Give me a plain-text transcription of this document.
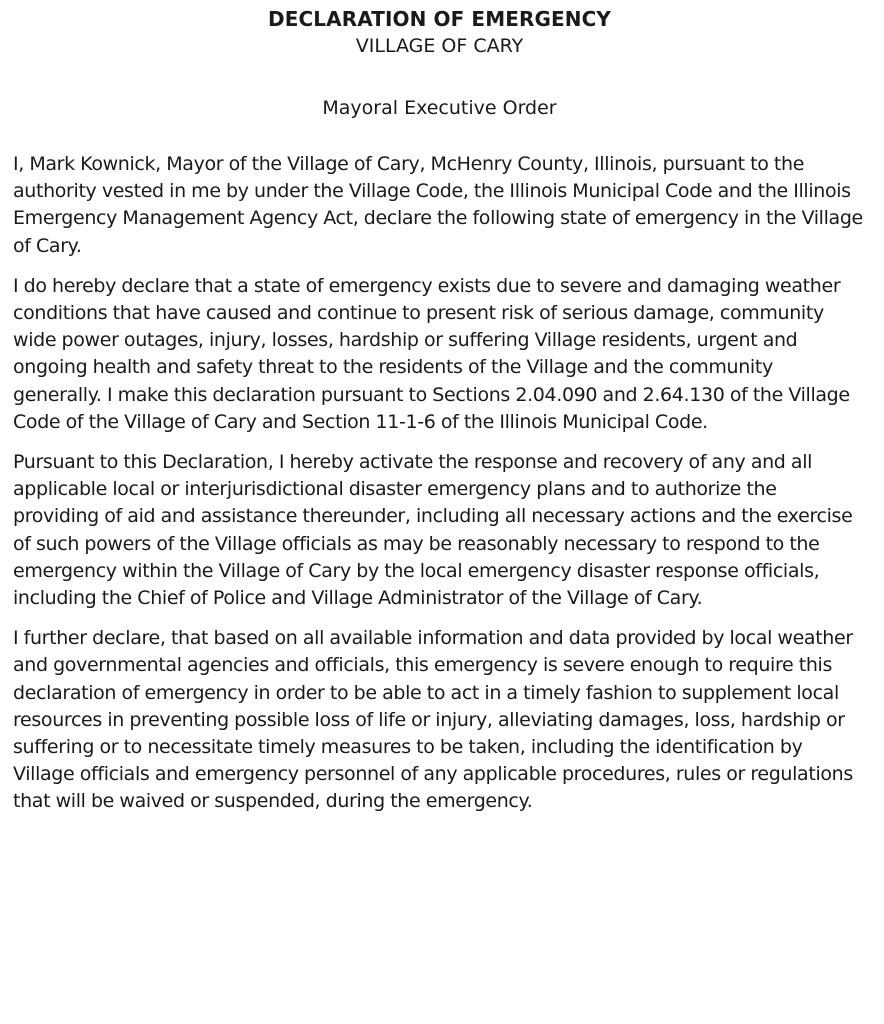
DECLARATION OF EMERGENCY
VILLAGE OF CARY
Mayoral Executive Order

I, Mark Kownick, Mayor of the Village of Cary, McHenry County, Illinois, pursuant to the authority vested in me by under the Village Code, the Illinois Municipal Code and the Illinois Emergency Management Agency Act, declare the following state of emergency in the Village of Cary.

I do hereby declare that a state of emergency exists due to severe and damaging weather conditions that have caused and continue to present risk of serious damage, community wide power outages, injury, losses, hardship or suffering Village residents, urgent and ongoing health and safety threat to the residents of the Village and the community generally. I make this declaration pursuant to Sections 2.04.090 and 2.64.130 of the Village Code of the Village of Cary and Section 11-1-6 of the Illinois Municipal Code.

Pursuant to this Declaration, I hereby activate the response and recovery of any and all applicable local or interjurisdictional disaster emergency plans and to authorize the providing of aid and assistance thereunder, including all necessary actions and the exercise of such powers of the Village officials as may be reasonably necessary to respond to the emergency within the Village of Cary by the local emergency disaster response officials, including the Chief of Police and Village Administrator of the Village of Cary.

I further declare, that based on all available information and data provided by local weather and governmental agencies and officials, this emergency is severe enough to require this declaration of emergency in order to be able to act in a timely fashion to supplement local resources in preventing possible loss of life or injury, alleviating damages, loss, hardship or suffering or to necessitate timely measures to be taken, including the identification by Village officials and emergency personnel of any applicable procedures, rules or regulations that will be waived or suspended, during the emergency.
